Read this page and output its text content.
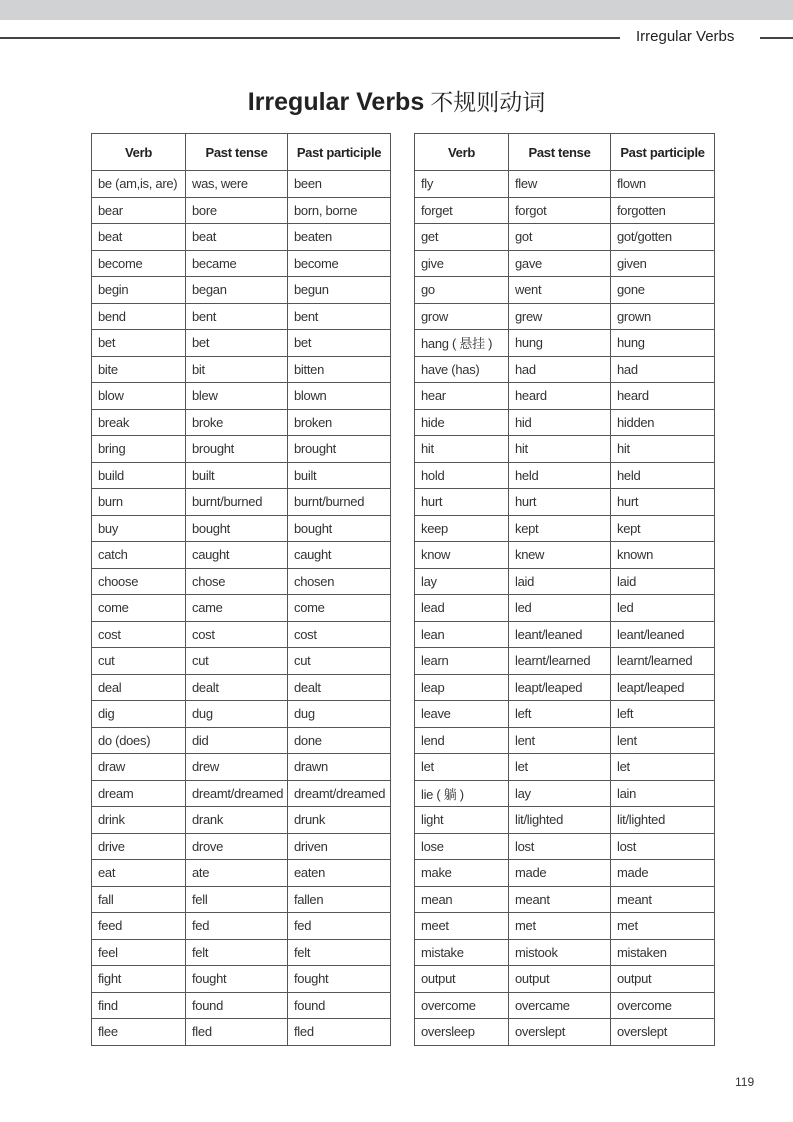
Irregular Verbs
Irregular Verbs 不规则动词
Verb	Past tense	Past participle
be (am,is, are)	was, were	been
bear	bore	born, borne
beat	beat	beaten
become	became	become
begin	began	begun
bend	bent	bent
bet	bet	bet
bite	bit	bitten
blow	blew	blown
break	broke	broken
bring	brought	brought
build	built	built
burn	burnt/burned	burnt/burned
buy	bought	bought
catch	caught	caught
choose	chose	chosen
come	came	come
cost	cost	cost
cut	cut	cut
deal	dealt	dealt
dig	dug	dug
do (does)	did	done
draw	drew	drawn
dream	dreamt/dreamed	dreamt/dreamed
drink	drank	drunk
drive	drove	driven
eat	ate	eaten
fall	fell	fallen
feed	fed	fed
feel	felt	felt
fight	fought	fought
find	found	found
flee	fled	fled
Verb	Past tense	Past participle
fly	flew	flown
forget	forgot	forgotten
get	got	got/gotten
give	gave	given
go	went	gone
grow	grew	grown
hang ( 悬挂 )	hung	hung
have (has)	had	had
hear	heard	heard
hide	hid	hidden
hit	hit	hit
hold	held	held
hurt	hurt	hurt
keep	kept	kept
know	knew	known
lay	laid	laid
lead	led	led
lean	leant/leaned	leant/leaned
learn	learnt/learned	learnt/learned
leap	leapt/leaped	leapt/leaped
leave	left	left
lend	lent	lent
let	let	let
lie ( 躺 )	lay	lain
light	lit/lighted	lit/lighted
lose	lost	lost
make	made	made
mean	meant	meant
meet	met	met
mistake	mistook	mistaken
output	output	output
overcome	overcame	overcome
oversleep	overslept	overslept
119
